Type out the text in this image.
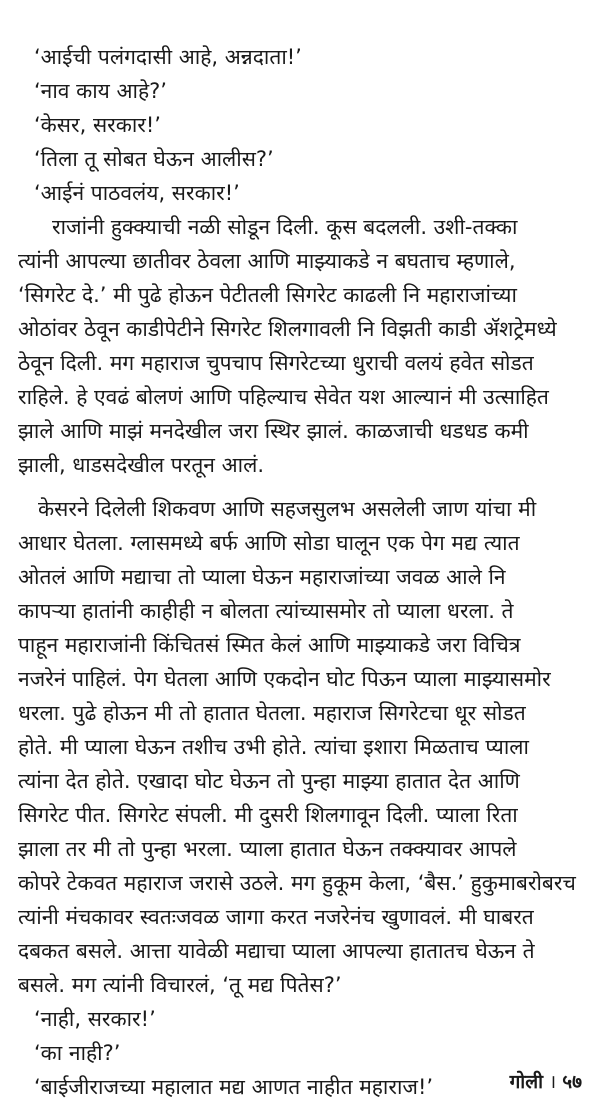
‘आईची पलंगदासी आहे, अन्नदाता!’
‘नाव काय आहे?’
‘केसर, सरकार!’
‘तिला तू सोबत घेऊन आलीस?’
‘आईनं पाठवलंय, सरकार!’
राजांनी हुक्क्याची नळी सोडून दिली. कूस बदलली. उशी-तक्का
त्यांनी आपल्या छातीवर ठेवला आणि माझ्याकडे न बघताच म्हणाले,
‘सिगरेट दे.’ मी पुढे होऊन पेटीतली सिगरेट काढली नि महाराजांच्या
ओठांवर ठेवून काडीपेटीने सिगरेट शिलगावली नि विझती काडी ॲशट्रेमध्ये
ठेवून दिली. मग महाराज चुपचाप सिगरेटच्या धुराची वलयं हवेत सोडत
राहिले. हे एवढं बोलणं आणि पहिल्याच सेवेत यश आल्यानं मी उत्साहित
झाले आणि माझं मनदेखील जरा स्थिर झालं. काळजाची धडधड कमी
झाली, धाडसदेखील परतून आलं.
केसरने दिलेली शिकवण आणि सहजसुलभ असलेली जाण यांचा मी
आधार घेतला. ग्लासमध्ये बर्फ आणि सोडा घालून एक पेग मद्य त्यात
ओतलं आणि मद्याचा तो प्याला घेऊन महाराजांच्या जवळ आले नि
कापऱ्या हातांनी काहीही न बोलता त्यांच्यासमोर तो प्याला धरला. ते
पाहून महाराजांनी किंचितसं स्मित केलं आणि माझ्याकडे जरा विचित्र
नजरेनं पाहिलं. पेग घेतला आणि एकदोन घोट पिऊन प्याला माझ्यासमोर
धरला. पुढे होऊन मी तो हातात घेतला. महाराज सिगरेटचा धूर सोडत
होते. मी प्याला घेऊन तशीच उभी होते. त्यांचा इशारा मिळताच प्याला
त्यांना देत होते. एखादा घोट घेऊन तो पुन्हा माझ्या हातात देत आणि
सिगरेट पीत. सिगरेट संपली. मी दुसरी शिलगावून दिली. प्याला रिता
झाला तर मी तो पुन्हा भरला. प्याला हातात घेऊन तक्क्यावर आपले
कोपरे टेकवत महाराज जरासे उठले. मग हुकूम केला, ‘बैस.’ हुकुमाबरोबरच
त्यांनी मंचकावर स्वतःजवळ जागा करत नजरेनंच खुणावलं. मी घाबरत
दबकत बसले. आत्ता यावेळी मद्याचा प्याला आपल्या हातातच घेऊन ते
बसले. मग त्यांनी विचारलं, ‘तू मद्य पितेस?’
‘नाही, सरकार!’
‘का नाही?’
‘बाईजीराजच्या महालात मद्य आणत नाहीत महाराज!’	गोली । ५७
